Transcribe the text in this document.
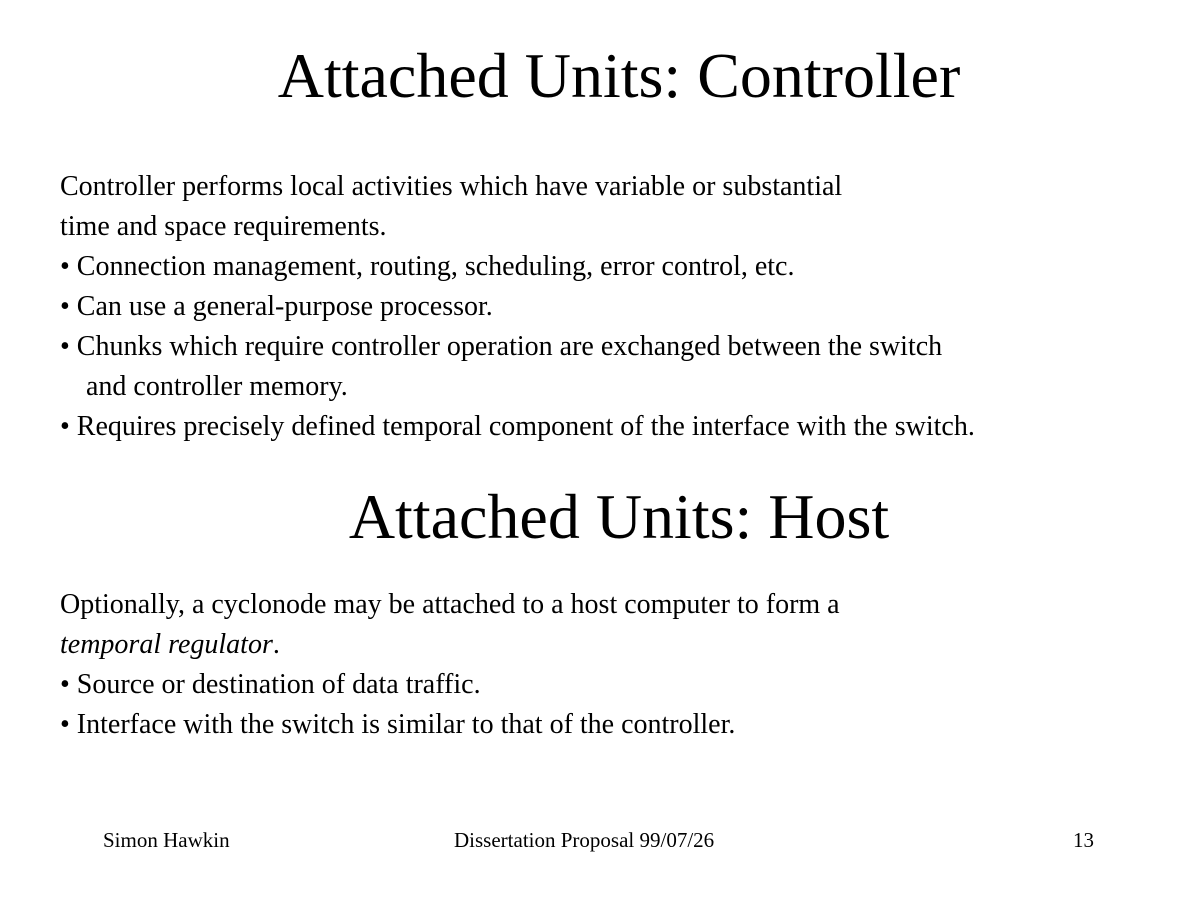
Attached Units: Controller
Controller performs local activities which have variable or substantial
time and space requirements.
• Connection management, routing, scheduling, error control, etc.
• Can use a general-purpose processor.
• Chunks which require controller operation are exchanged between the switch
and controller memory.
• Requires precisely defined temporal component of the interface with the switch.
Attached Units: Host
Optionally, a cyclonode may be attached to a host computer to form a
temporal regulator.
• Source or destination of data traffic.
• Interface with the switch is similar to that of the controller.
Simon Hawkin	Dissertation Proposal 99/07/26	13
